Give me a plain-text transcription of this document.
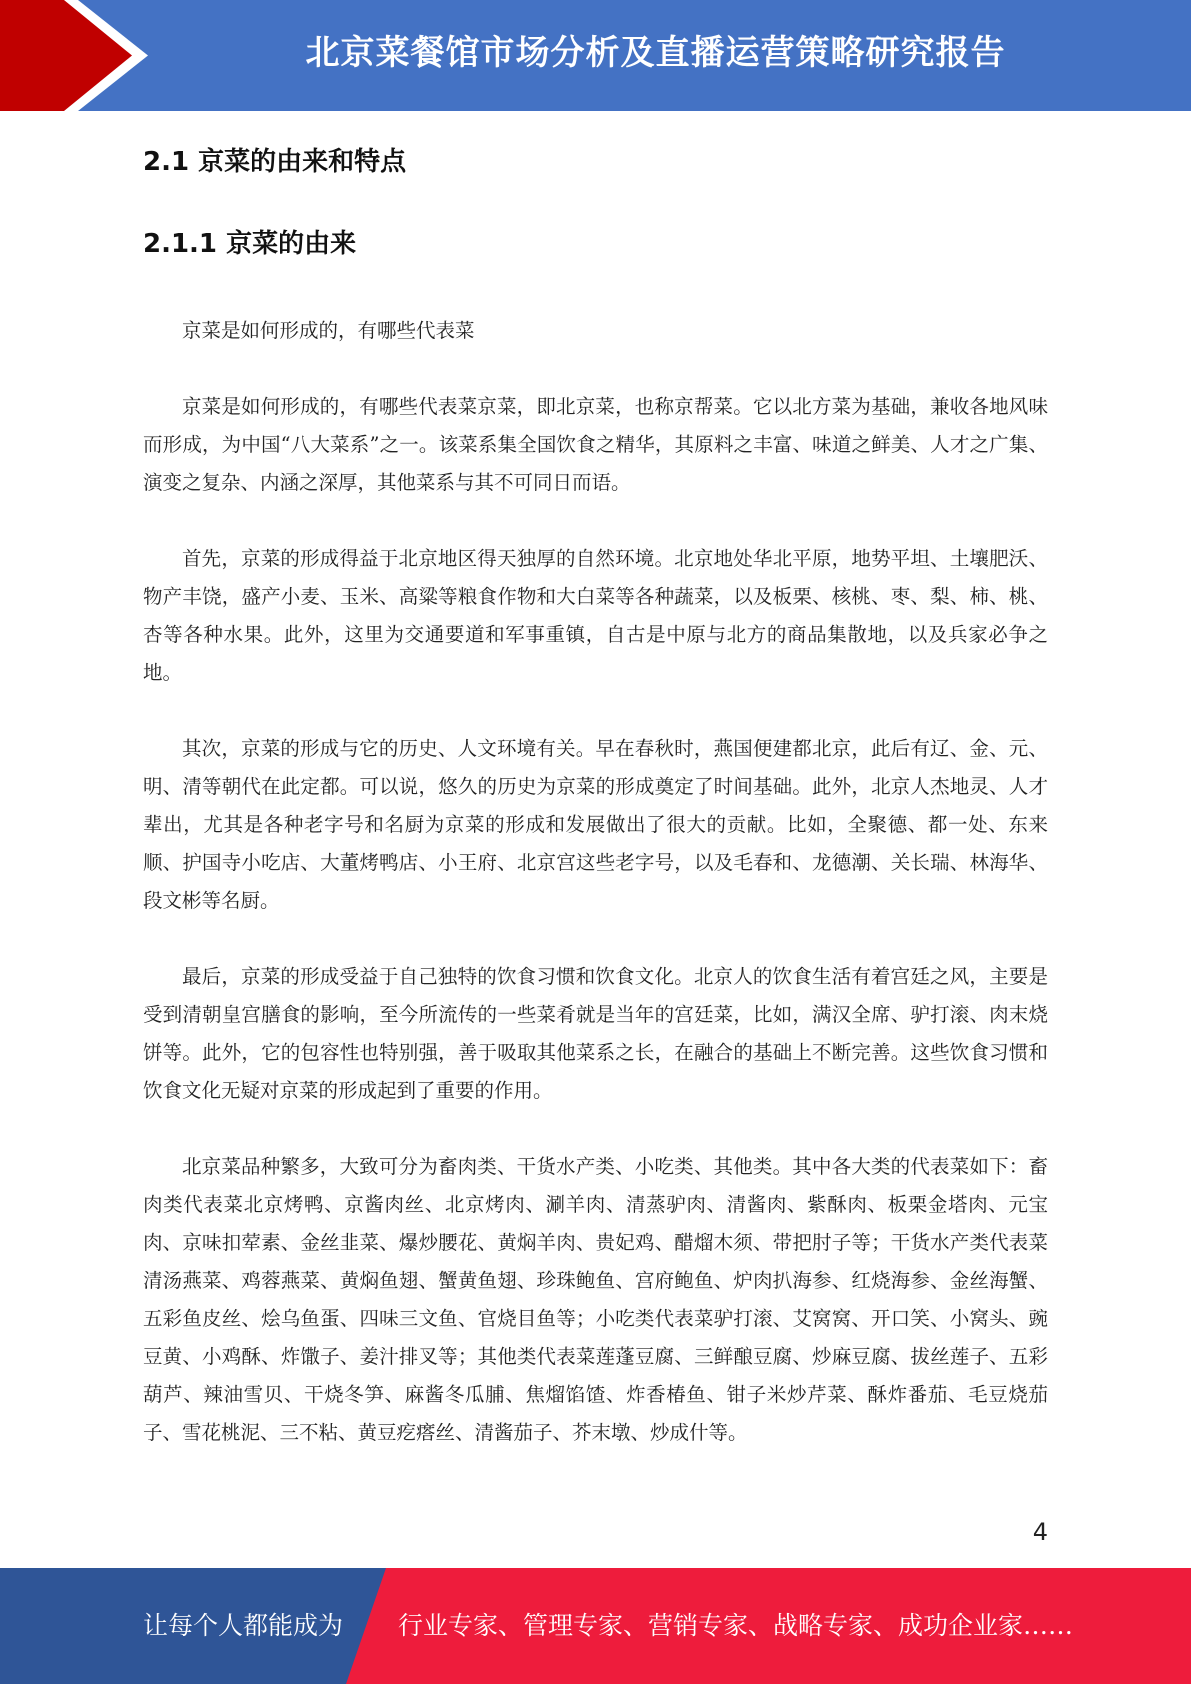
北京菜餐馆市场分析及直播运营策略研究报告
2.1 京菜的由来和特点
2.1.1 京菜的由来

京菜是如何形成的，有哪些代表菜

京菜是如何形成的，有哪些代表菜京菜，即北京菜，也称京帮菜。它以北方菜为基础，兼收各地风味而形成，为中国“八大菜系”之一。该菜系集全国饮食之精华，其原料之丰富、味道之鲜美、人才之广集、演变之复杂、内涵之深厚，其他菜系与其不可同日而语。

首先，京菜的形成得益于北京地区得天独厚的自然环境。北京地处华北平原，地势平坦、土壤肥沃、物产丰饶，盛产小麦、玉米、高粱等粮食作物和大白菜等各种蔬菜，以及板栗、核桃、枣、梨、柿、桃、杏等各种水果。此外，这里为交通要道和军事重镇，自古是中原与北方的商品集散地，以及兵家必争之地。

其次，京菜的形成与它的历史、人文环境有关。早在春秋时，燕国便建都北京，此后有辽、金、元、明、清等朝代在此定都。可以说，悠久的历史为京菜的形成奠定了时间基础。此外，北京人杰地灵、人才辈出，尤其是各种老字号和名厨为京菜的形成和发展做出了很大的贡献。比如，全聚德、都一处、东来顺、护国寺小吃店、大董烤鸭店、小王府、北京宫这些老字号，以及毛春和、龙德潮、关长瑞、林海华、段文彬等名厨。

最后，京菜的形成受益于自己独特的饮食习惯和饮食文化。北京人的饮食生活有着宫廷之风，主要是受到清朝皇宫膳食的影响，至今所流传的一些菜肴就是当年的宫廷菜，比如，满汉全席、驴打滚、肉末烧饼等。此外，它的包容性也特别强，善于吸取其他菜系之长，在融合的基础上不断完善。这些饮食习惯和饮食文化无疑对京菜的形成起到了重要的作用。

北京菜品种繁多，大致可分为畜肉类、干货水产类、小吃类、其他类。其中各大类的代表菜如下：畜肉类代表菜北京烤鸭、京酱肉丝、北京烤肉、涮羊肉、清蒸驴肉、清酱肉、紫酥肉、板栗金塔肉、元宝肉、京味扣荤素、金丝韭菜、爆炒腰花、黄焖羊肉、贵妃鸡、醋熘木须、带把肘子等；干货水产类代表菜清汤燕菜、鸡蓉燕菜、黄焖鱼翅、蟹黄鱼翅、珍珠鲍鱼、宫府鲍鱼、炉肉扒海参、红烧海参、金丝海蟹、五彩鱼皮丝、烩乌鱼蛋、四味三文鱼、官烧目鱼等；小吃类代表菜驴打滚、艾窝窝、开口笑、小窝头、豌豆黄、小鸡酥、炸馓子、姜汁排叉等；其他类代表菜莲蓬豆腐、三鲜酿豆腐、炒麻豆腐、拔丝莲子、五彩葫芦、辣油雪贝、干烧冬笋、麻酱冬瓜脯、焦熘馅馇、炸香椿鱼、钳子米炒芹菜、酥炸番茄、毛豆烧茄子、雪花桃泥、三不粘、黄豆疙瘩丝、清酱茄子、芥末墩、炒成什等。

4
让每个人都能成为 行业专家、管理专家、营销专家、战略专家、成功企业家……
